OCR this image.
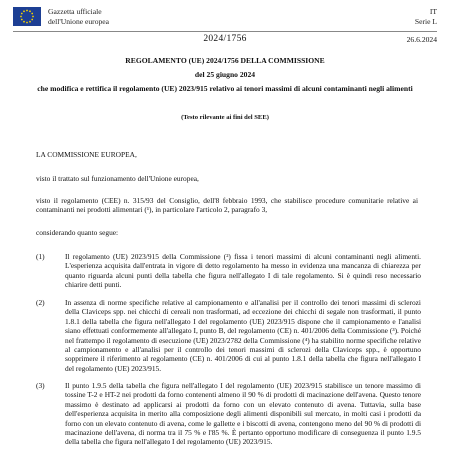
Gazzetta ufficiale
dell'Unione europea
IT
Serie L
2024/1756	26.6.2024
REGOLAMENTO (UE) 2024/1756 DELLA COMMISSIONE
del 25 giugno 2024
che modifica e rettifica il regolamento (UE) 2023/915 relativo ai tenori massimi di alcuni contaminanti negli alimenti
(Testo rilevante ai fini del SEE)
LA COMMISSIONE EUROPEA,
visto il trattato sul funzionamento dell'Unione europea,
visto il regolamento (CEE) n. 315/93 del Consiglio, dell'8 febbraio 1993, che stabilisce procedure comunitarie relative ai contaminanti nei prodotti alimentari (¹), in particolare l'articolo 2, paragrafo 3,
considerando quanto segue:
(1)	Il regolamento (UE) 2023/915 della Commissione (²) fissa i tenori massimi di alcuni contaminanti negli alimenti. L'esperienza acquisita dall'entrata in vigore di detto regolamento ha messo in evidenza una mancanza di chiarezza per quanto riguarda alcuni punti della tabella che figura nell'allegato I di tale regolamento. Si è quindi reso necessario chiarire detti punti.
(2)	In assenza di norme specifiche relative al campionamento e all'analisi per il controllo dei tenori massimi di sclerozi della Claviceps spp. nei chicchi di cereali non trasformati, ad eccezione dei chicchi di segale non trasformati, il punto 1.8.1 della tabella che figura nell'allegato I del regolamento (UE) 2023/915 dispone che il campionamento e l'analisi siano effettuati conformemente all'allegato I, punto B, del regolamento (CE) n. 401/2006 della Commissione (³). Poiché nel frattempo il regolamento di esecuzione (UE) 2023/2782 della Commissione (⁴) ha stabilito norme specifiche relative al campionamento e all'analisi per il controllo dei tenori massimi di sclerozi della Claviceps spp., è opportuno sopprimere il riferimento al regolamento (CE) n. 401/2006 di cui al punto 1.8.1 della tabella che figura nell'allegato I del regolamento (UE) 2023/915.
(3)	Il punto 1.9.5 della tabella che figura nell'allegato I del regolamento (UE) 2023/915 stabilisce un tenore massimo di tossine T-2 e HT-2 nei prodotti da forno contenenti almeno il 90 % di prodotti di macinazione dell'avena. Questo tenore massimo è destinato ad applicarsi ai prodotti da forno con un elevato contenuto di avena. Tuttavia, sulla base dell'esperienza acquisita in merito alla composizione degli alimenti disponibili sul mercato, in molti casi i prodotti da forno con un elevato contenuto di avena, come le gallette e i biscotti di avena, contengono meno del 90 % di prodotti di macinazione dell'avena, di norma tra il 75 % e l'85 %. È pertanto opportuno modificare di conseguenza il punto 1.9.5 della tabella che figura nell'allegato I del regolamento (UE) 2023/915.
